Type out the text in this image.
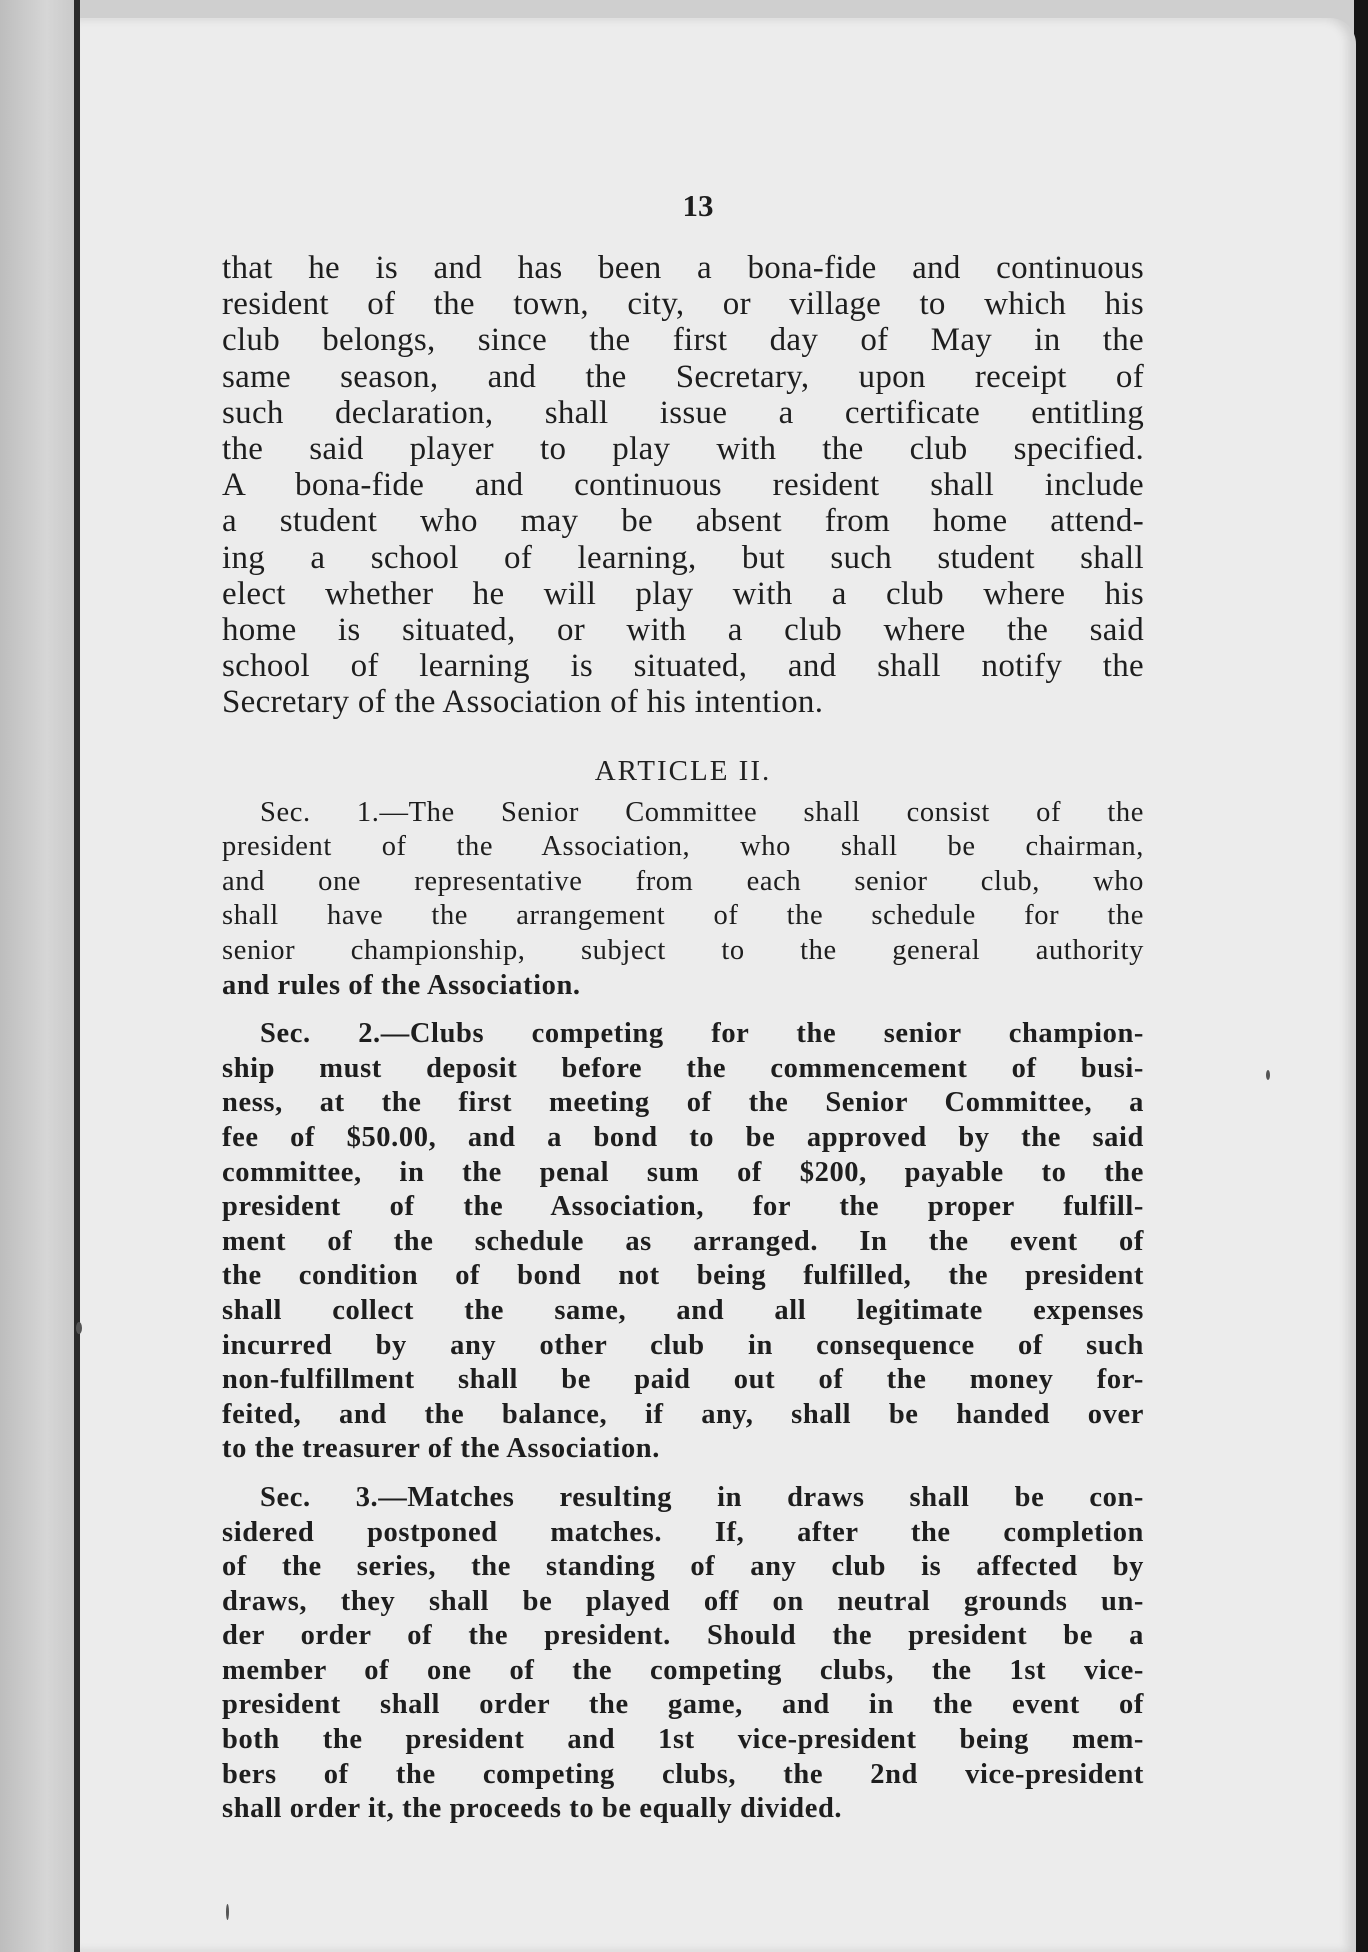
13
that he is and has been a bona-fide and continuous
resident of the town, city, or village to which his
club belongs, since the first day of May in the
same season, and the Secretary, upon receipt of
such declaration, shall issue a certificate entitling
the said player to play with the club specified.
A bona-fide and continuous resident shall include
a student who may be absent from home attend-
ing a school of learning, but such student shall
elect whether he will play with a club where his
home is situated, or with a club where the said
school of learning is situated, and shall notify the
Secretary of the Association of his intention.
ARTICLE II.
Sec. 1.—The Senior Committee shall consist of the
president of the Association, who shall be chairman,
and one representative from each senior club, who
shall have the arrangement of the schedule for the
senior championship, subject to the general authority
and rules of the Association.
Sec. 2.—Clubs competing for the senior champion-
ship must deposit before the commencement of busi-
ness, at the first meeting of the Senior Committee, a
fee of $50.00, and a bond to be approved by the said
committee, in the penal sum of $200, payable to the
president of the Association, for the proper fulfill-
ment of the schedule as arranged. In the event of
the condition of bond not being fulfilled, the president
shall collect the same, and all legitimate expenses
incurred by any other club in consequence of such
non-fulfillment shall be paid out of the money for-
feited, and the balance, if any, shall be handed over
to the treasurer of the Association.
Sec. 3.—Matches resulting in draws shall be con-
sidered postponed matches. If, after the completion
of the series, the standing of any club is affected by
draws, they shall be played off on neutral grounds un-
der order of the president. Should the president be a
member of one of the competing clubs, the 1st vice-
president shall order the game, and in the event of
both the president and 1st vice-president being mem-
bers of the competing clubs, the 2nd vice-president
shall order it, the proceeds to be equally divided.
